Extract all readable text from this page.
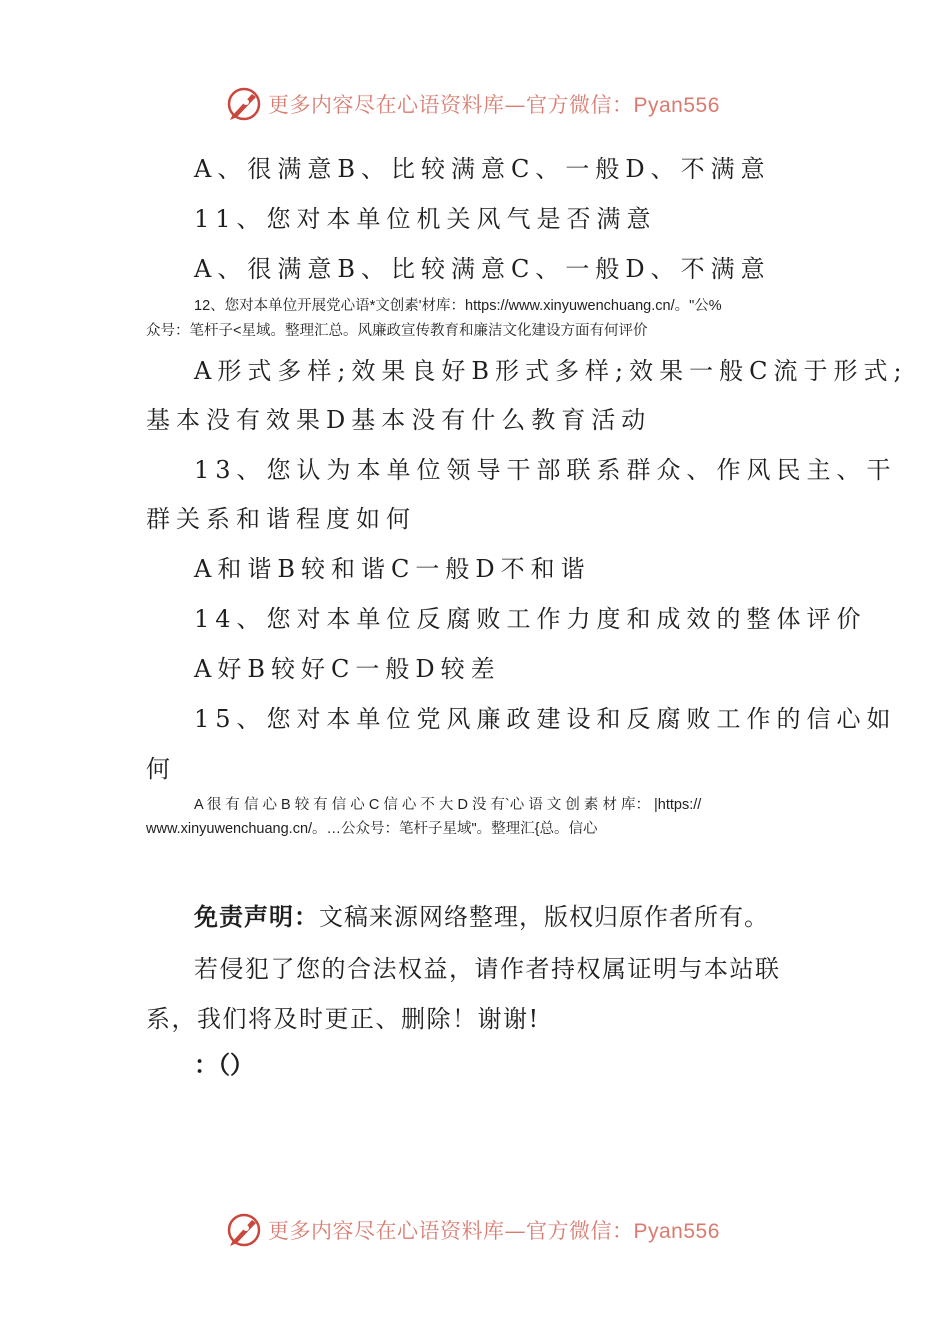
更多内容尽在心语资料库—官方微信：Pyan556
A、很满意B、比较满意C、一般D、不满意
11、您对本单位机关风气是否满意
A、很满意B、比较满意C、一般D、不满意
12、您对本单位开展党心语*文创素'材库：https://www.xinyuwenchuang.cn/。"公%
众号：笔杆子<星域。整理汇总。风廉政宣传教育和廉洁文化建设方面有何评价
A形式多样;效果良好B形式多样;效果一般C流于形式;
基本没有效果D基本没有什么教育活动
13、您认为本单位领导干部联系群众、作风民主、干
群关系和谐程度如何
A和谐B较和谐C一般D不和谐
14、您对本单位反腐败工作力度和成效的整体评价
A好B较好C一般D较差
15、您对本单位党风廉政建设和反腐败工作的信心如
何
A 很 有 信 心 B 较 有 信 心 C 信 心 不 大 D 没 有`心 语 文 创 素 材 库： |https://
www.xinyuwenchuang.cn/。…公众号：笔杆子星域"。整理汇{总。信心
免责声明：文稿来源网络整理，版权归原作者所有。
若侵犯了您的合法权益，请作者持权属证明与本站联
系，我们将及时更正、删除！谢谢!
：（）
更多内容尽在心语资料库—官方微信：Pyan556
